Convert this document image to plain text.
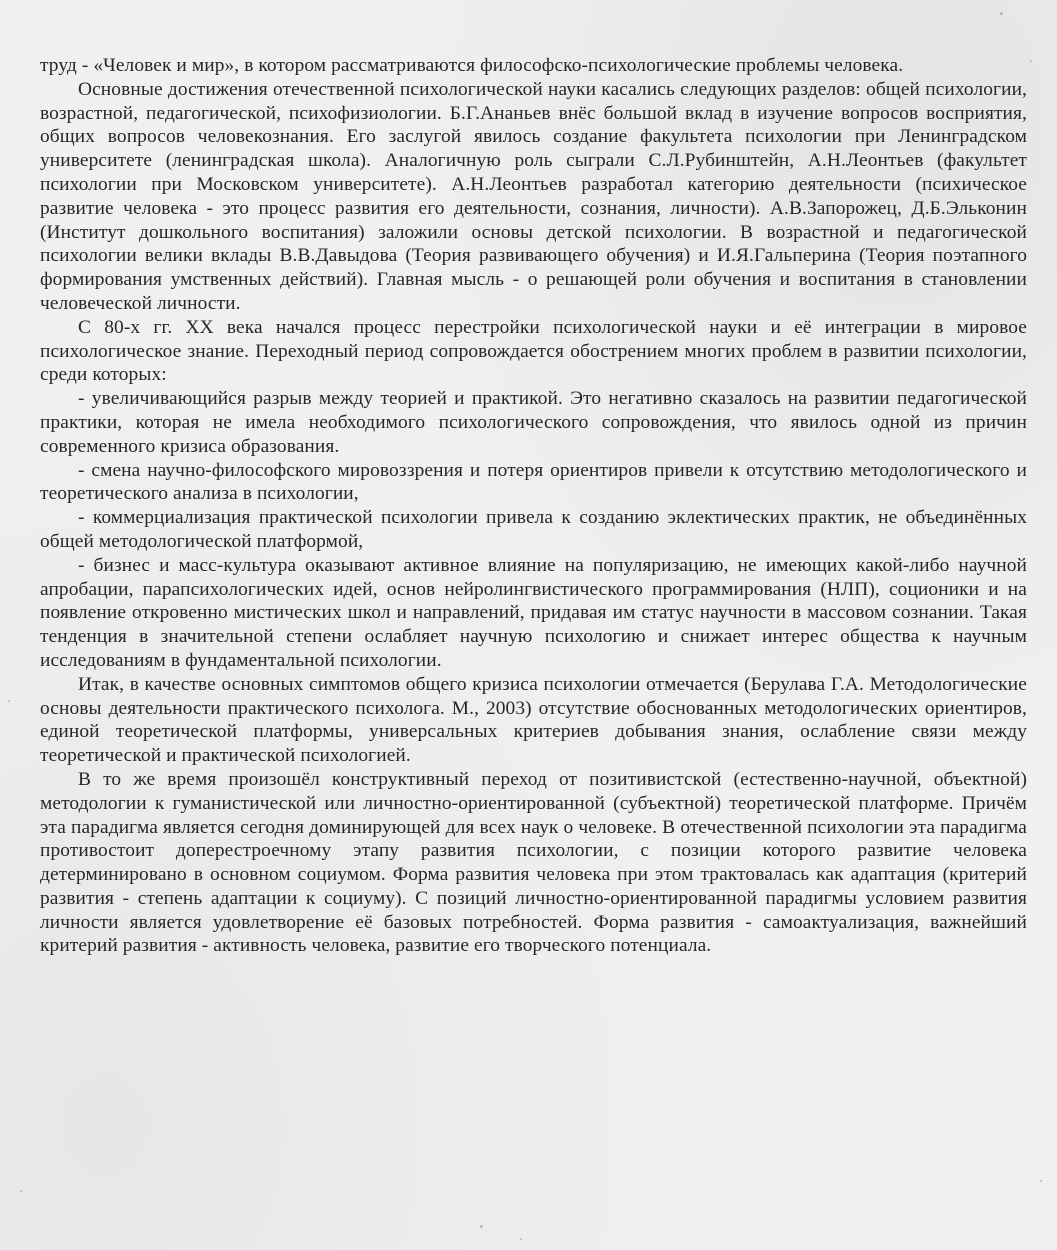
труд - «Человек и мир», в котором рассматриваются философско-психологические проблемы человека.

Основные достижения отечественной психологической науки касались следующих разделов: общей психологии, возрастной, педагогической, психофизиологии. Б.Г.Ананьев внёс большой вклад в изучение вопросов восприятия, общих вопросов человекознания. Его заслугой явилось создание факультета психологии при Ленинградском университете (ленинградская школа). Аналогичную роль сыграли С.Л.Рубинштейн, А.Н.Леонтьев (факультет психологии при Московском университете). А.Н.Леонтьев разработал категорию деятельности (психическое развитие человека - это процесс развития его деятельности, сознания, личности). А.В.Запорожец, Д.Б.Эльконин (Институт дошкольного воспитания) заложили основы детской психологии. В возрастной и педагогической психологии велики вклады В.В.Давыдова (Теория развивающего обучения) и И.Я.Гальперина (Теория поэтапного формирования умственных действий). Главная мысль - о решающей роли обучения и воспитания в становлении человеческой личности.

С 80-х гг. XX века начался процесс перестройки психологической науки и её интеграции в мировое психологическое знание. Переходный период сопровождается обострением многих проблем в развитии психологии, среди которых:

- увеличивающийся разрыв между теорией и практикой. Это негативно сказалось на развитии педагогической практики, которая не имела необходимого психологического сопровождения, что явилось одной из причин современного кризиса образования.

- смена научно-философского мировоззрения и потеря ориентиров привели к отсутствию методологического и теоретического анализа в психологии,

- коммерциализация практической психологии привела к созданию эклектических практик, не объединённых общей методологической платформой,

- бизнес и масс-культура оказывают активное влияние на популяризацию, не имеющих какой-либо научной апробации, парапсихологических идей, основ нейролингвистического программирования (НЛП), соционики и на появление откровенно мистических школ и направлений, придавая им статус научности в массовом сознании. Такая тенденция в значительной степени ослабляет научную психологию и снижает интерес общества к научным исследованиям в фундаментальной психологии.

Итак, в качестве основных симптомов общего кризиса психологии отмечается (Берулава Г.А. Методологические основы деятельности практического психолога. М., 2003) отсутствие обоснованных методологических ориентиров, единой теоретической платформы, универсальных критериев добывания знания, ослабление связи между теоретической и практической психологией.

В то же время произошёл конструктивный переход от позитивистской (естественно-научной, объектной) методологии к гуманистической или личностно-ориентированной (субъектной) теоретической платформе. Причём эта парадигма является сегодня доминирующей для всех наук о человеке. В отечественной психологии эта парадигма противостоит доперестроечному этапу развития психологии, с позиции которого развитие человека детерминировано в основном социумом. Форма развития человека при этом трактовалась как адаптация (критерий развития - степень адаптации к социуму). С позиций личностно-ориентированной парадигмы условием развития личности является удовлетворение её базовых потребностей. Форма развития - самоактуализация, важнейший критерий развития - активность человека, развитие его творческого потенциала.
